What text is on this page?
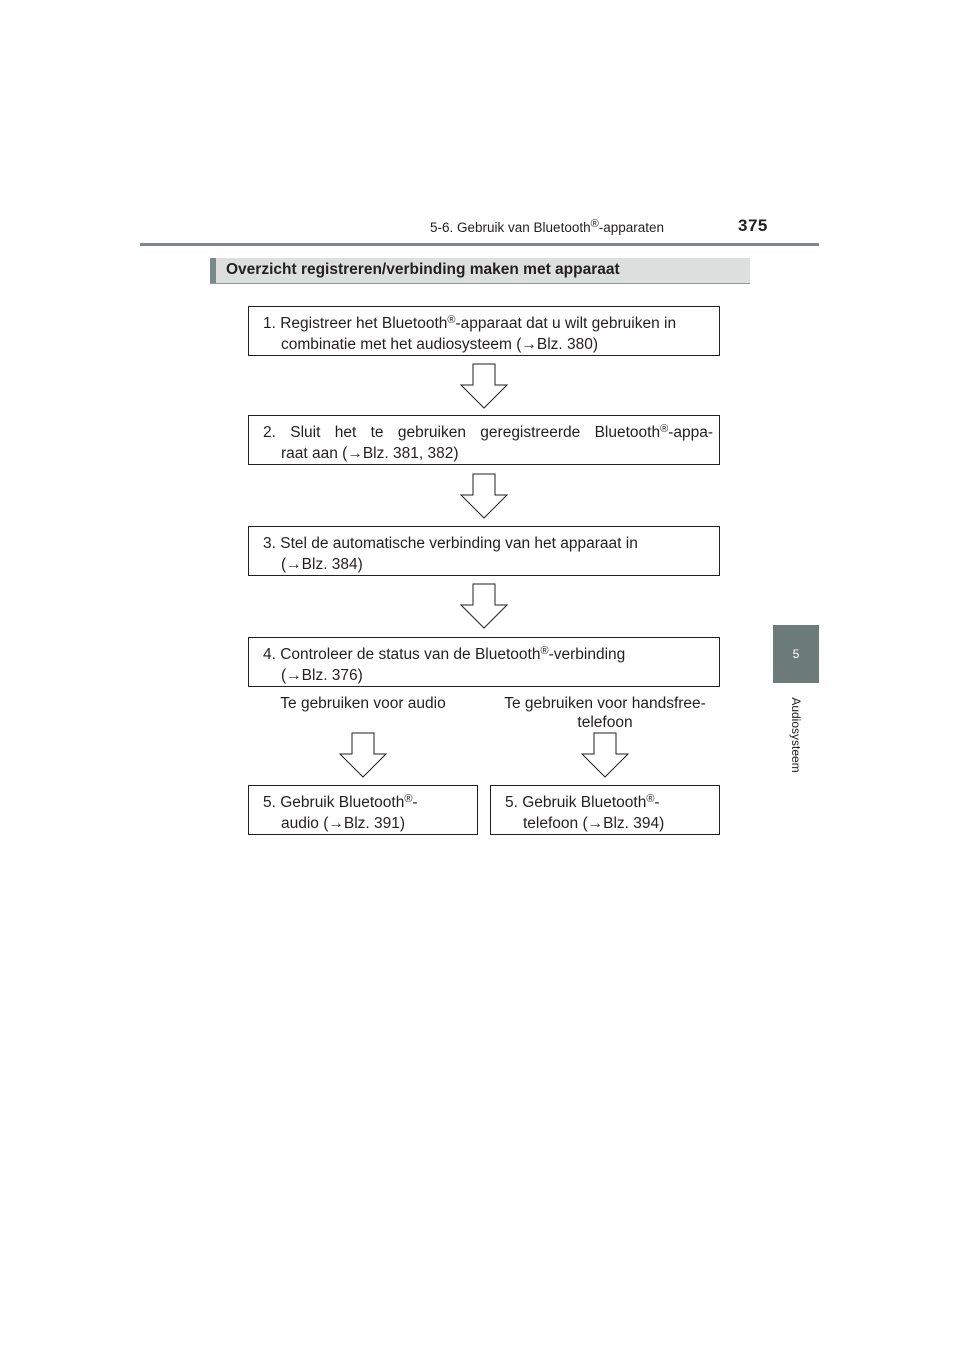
5-6. Gebruik van Bluetooth®-apparaten	375
5
Audiosysteem
Overzicht registreren/verbinding maken met apparaat
1. Registreer het Bluetooth®-apparaat dat u wilt gebruiken in
combinatie met het audiosysteem (→Blz. 380)
2. Sluit het te gebruiken geregistreerde Bluetooth®-appa-
raat aan (→Blz. 381, 382)
3. Stel de automatische verbinding van het apparaat in
(→Blz. 384)
4. Controleer de status van de Bluetooth®-verbinding
(→Blz. 376)
Te gebruiken voor audio	Te gebruiken voor handsfree-
telefoon
5. Gebruik Bluetooth®-
audio (→Blz. 391)
5. Gebruik Bluetooth®-
telefoon (→Blz. 394)
